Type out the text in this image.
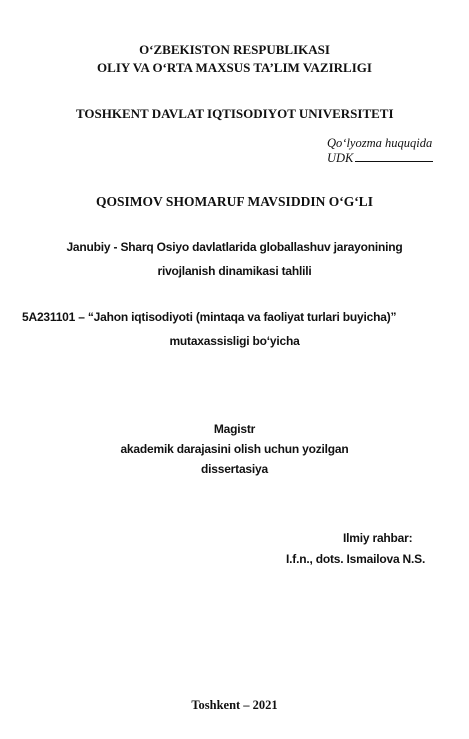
O‘ZBEKISTON RESPUBLIKASI
OLIY VA O‘RTA MAXSUS TA’LIM VAZIRLIGI
TOSHKENT DAVLAT IQTISODIYOT UNIVERSITETI
Qo‘lyozma huquqida
UDK
QOSIMOV SHOMARUF MAVSIDDIN O‘G‘LI
Janubiy - Sharq Osiyo davlatlarida globallashuv jarayonining
rivojlanish dinamikasi tahlili
5A231101 – “Jahon iqtisodiyoti (mintaqa va faoliyat turlari buyicha)”
mutaxassisligi bo‘yicha
Magistr
akademik darajasini olish uchun yozilgan
dissertasiya
Ilmiy rahbar:
I.f.n., dots. Ismailova N.S.
Toshkent – 2021
